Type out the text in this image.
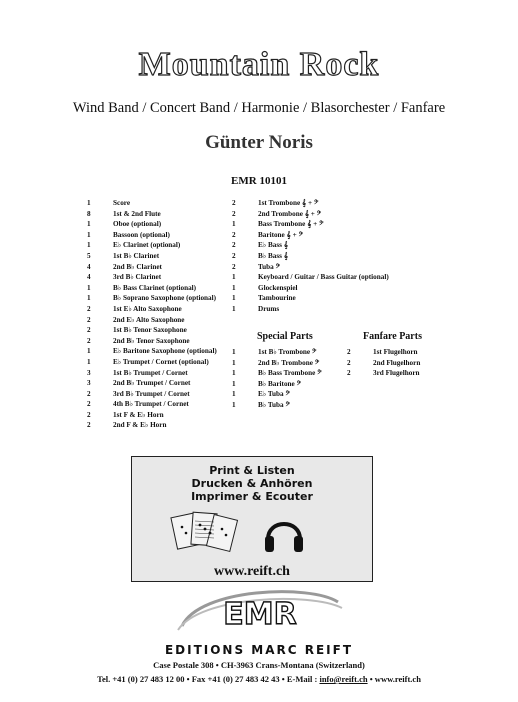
Mountain Rock
Wind Band / Concert Band / Harmonie / Blasorchester / Fanfare
Günter Noris
EMR 10101
1	Score
8	1st & 2nd Flute
1	Oboe (optional)
1	Bassoon (optional)
1	E♭ Clarinet (optional)
5	1st B♭ Clarinet
4	2nd B♭ Clarinet
4	3rd B♭ Clarinet
1	B♭ Bass Clarinet (optional)
1	B♭ Soprano Saxophone (optional)
2	1st E♭ Alto Saxophone
2	2nd E♭ Alto Saxophone
2	1st B♭ Tenor Saxophone
2	2nd B♭ Tenor Saxophone
1	E♭ Baritone Saxophone (optional)
1	E♭ Trumpet / Cornet (optional)
3	1st B♭ Trumpet / Cornet
3	2nd B♭ Trumpet / Cornet
2	3rd B♭ Trumpet / Cornet
2	4th B♭ Trumpet / Cornet
2	1st F & E♭ Horn
2	2nd F & E♭ Horn
2	1st Trombone 𝄞 + 𝄢
2	2nd Trombone 𝄞 + 𝄢
1	Bass Trombone 𝄞 + 𝄢
2	Baritone 𝄞 + 𝄢
2	E♭ Bass 𝄞
2	B♭ Bass 𝄞
2	Tuba 𝄢
1	Keyboard / Guitar / Bass Guitar (optional)
1	Glockenspiel
1	Tambourine
1	Drums
Special Parts
1	1st B♭ Trombone 𝄢
1	2nd B♭ Trombone 𝄢
1	B♭ Bass Trombone 𝄢
1	B♭ Baritone 𝄢
1	E♭ Tuba 𝄢
1	B♭ Tuba 𝄢
Fanfare Parts
2	1st Flugelhorn
2	2nd Flugelhorn
2	3rd Flugelhorn
Print & Listen
Drucken & Anhören
Imprimer & Ecouter
www.reift.ch
EMR
EDITIONS MARC REIFT
Case Postale 308 • CH-3963 Crans-Montana (Switzerland)
Tel. +41 (0) 27 483 12 00 • Fax +41 (0) 27 483 42 43 • E-Mail : info@reift.ch • www.reift.ch
